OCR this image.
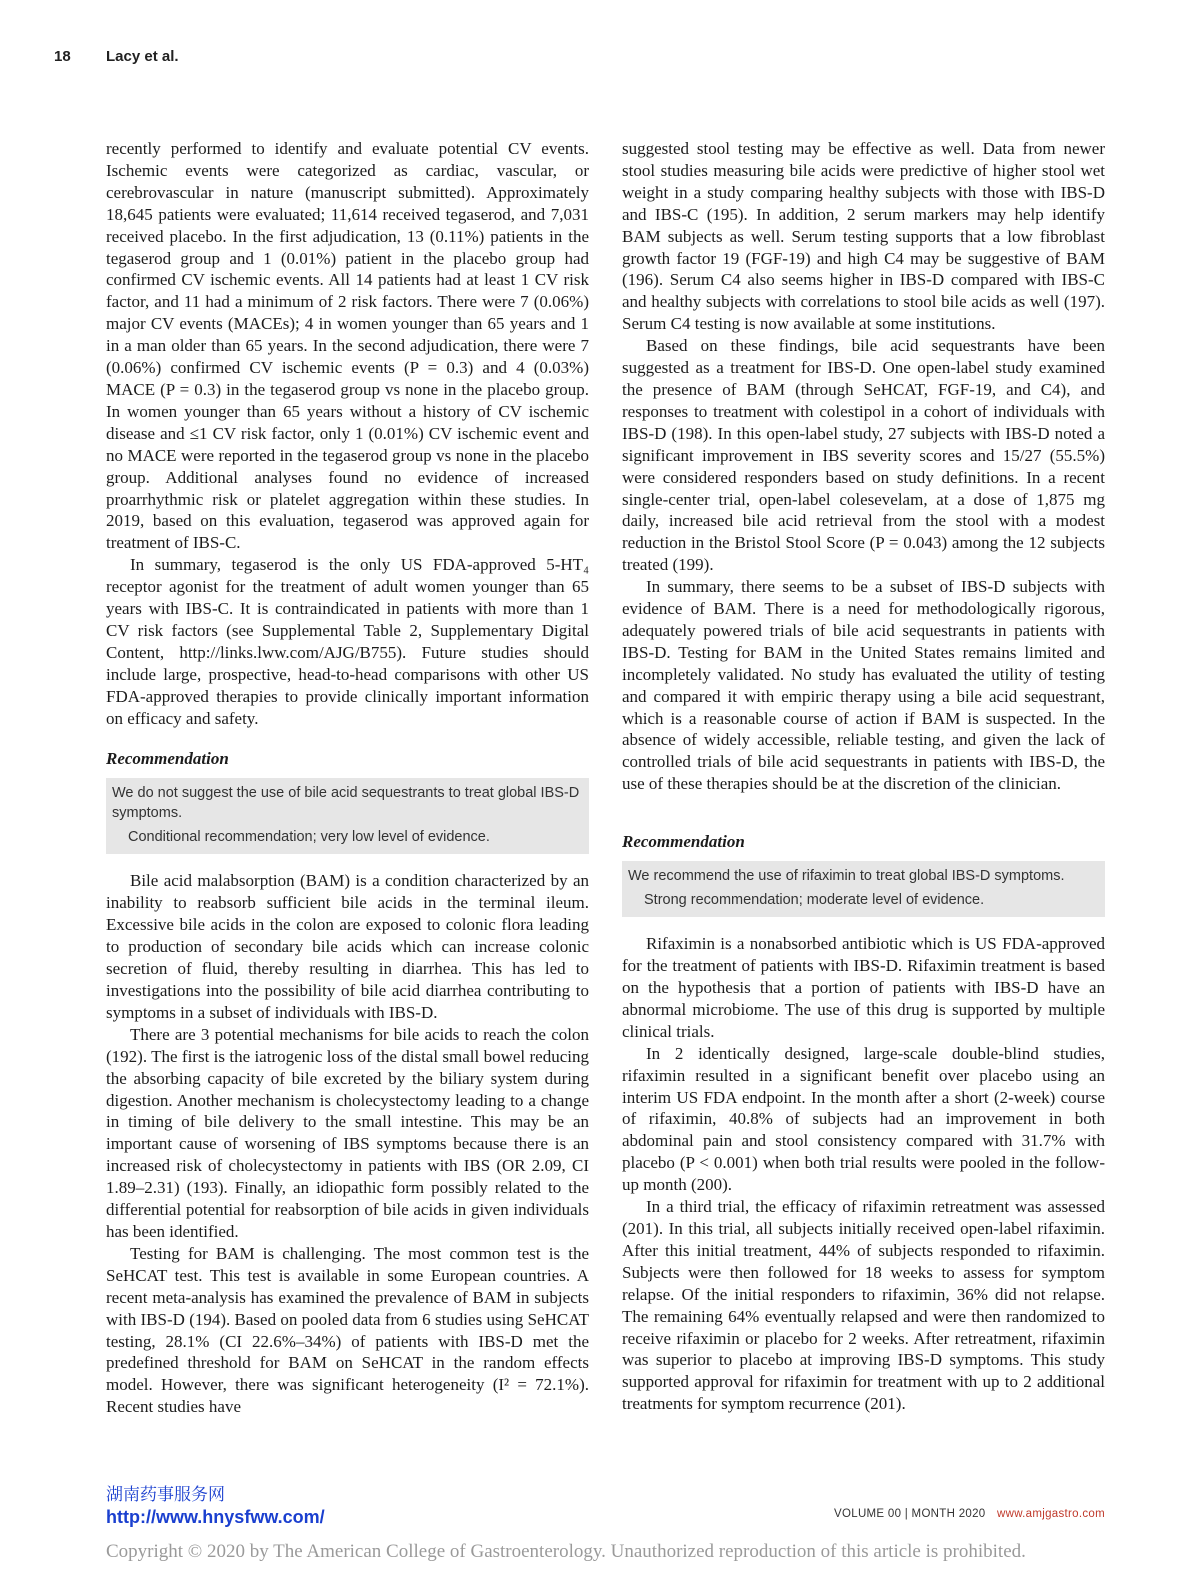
18 Lacy et al.

recently performed to identify and evaluate potential CV events. Ischemic events were categorized as cardiac, vascular, or cerebrovascular in nature (manuscript submitted). Approximately 18,645 patients were evaluated; 11,614 received tegaserod, and 7,031 received placebo. In the first adjudication, 13 (0.11%) patients in the tegaserod group and 1 (0.01%) patient in the placebo group had confirmed CV ischemic events. All 14 patients had at least 1 CV risk factor, and 11 had a minimum of 2 risk factors. There were 7 (0.06%) major CV events (MACEs); 4 in women younger than 65 years and 1 in a man older than 65 years. In the second adjudication, there were 7 (0.06%) confirmed CV ischemic events (P = 0.3) and 4 (0.03%) MACE (P = 0.3) in the tegaserod group vs none in the placebo group. In women younger than 65 years without a history of CV ischemic disease and ≤1 CV risk factor, only 1 (0.01%) CV ischemic event and no MACE were reported in the tegaserod group vs none in the placebo group. Additional analyses found no evidence of increased proarrhythmic risk or platelet aggregation within these studies. In 2019, based on this evaluation, tegaserod was approved again for treatment of IBS-C.

In summary, tegaserod is the only US FDA-approved 5-HT₄ receptor agonist for the treatment of adult women younger than 65 years with IBS-C. It is contraindicated in patients with more than 1 CV risk factors (see Supplemental Table 2, Supplementary Digital Content, http://links.lww.com/AJG/B755). Future studies should include large, prospective, head-to-head comparisons with other US FDA-approved therapies to provide clinically important information on efficacy and safety.

Recommendation

We do not suggest the use of bile acid sequestrants to treat global IBS-D symptoms.

Conditional recommendation; very low level of evidence.

Bile acid malabsorption (BAM) is a condition characterized by an inability to reabsorb sufficient bile acids in the terminal ileum. Excessive bile acids in the colon are exposed to colonic flora leading to production of secondary bile acids which can increase colonic secretion of fluid, thereby resulting in diarrhea. This has led to investigations into the possibility of bile acid diarrhea contributing to symptoms in a subset of individuals with IBS-D.

There are 3 potential mechanisms for bile acids to reach the colon (192). The first is the iatrogenic loss of the distal small bowel reducing the absorbing capacity of bile excreted by the biliary system during digestion. Another mechanism is cholecystectomy leading to a change in timing of bile delivery to the small intestine. This may be an important cause of worsening of IBS symptoms because there is an increased risk of cholecystectomy in patients with IBS (OR 2.09, CI 1.89–2.31) (193). Finally, an idiopathic form possibly related to the differential potential for reabsorption of bile acids in given individuals has been identified.

Testing for BAM is challenging. The most common test is the SeHCAT test. This test is available in some European countries. A recent meta-analysis has examined the prevalence of BAM in subjects with IBS-D (194). Based on pooled data from 6 studies using SeHCAT testing, 28.1% (CI 22.6%–34%) of patients with IBS-D met the predefined threshold for BAM on SeHCAT in the random effects model. However, there was significant heterogeneity (I² = 72.1%). Recent studies have

suggested stool testing may be effective as well. Data from newer stool studies measuring bile acids were predictive of higher stool wet weight in a study comparing healthy subjects with those with IBS-D and IBS-C (195). In addition, 2 serum markers may help identify BAM subjects as well. Serum testing supports that a low fibroblast growth factor 19 (FGF-19) and high C4 may be suggestive of BAM (196). Serum C4 also seems higher in IBS-D compared with IBS-C and healthy subjects with correlations to stool bile acids as well (197). Serum C4 testing is now available at some institutions.

Based on these findings, bile acid sequestrants have been suggested as a treatment for IBS-D. One open-label study examined the presence of BAM (through SeHCAT, FGF-19, and C4), and responses to treatment with colestipol in a cohort of individuals with IBS-D (198). In this open-label study, 27 subjects with IBS-D noted a significant improvement in IBS severity scores and 15/27 (55.5%) were considered responders based on study definitions. In a recent single-center trial, open-label colesevelam, at a dose of 1,875 mg daily, increased bile acid retrieval from the stool with a modest reduction in the Bristol Stool Score (P = 0.043) among the 12 subjects treated (199).

In summary, there seems to be a subset of IBS-D subjects with evidence of BAM. There is a need for methodologically rigorous, adequately powered trials of bile acid sequestrants in patients with IBS-D. Testing for BAM in the United States remains limited and incompletely validated. No study has evaluated the utility of testing and compared it with empiric therapy using a bile acid sequestrant, which is a reasonable course of action if BAM is suspected. In the absence of widely accessible, reliable testing, and given the lack of controlled trials of bile acid sequestrants in patients with IBS-D, the use of these therapies should be at the discretion of the clinician.

Recommendation

We recommend the use of rifaximin to treat global IBS-D symptoms.

Strong recommendation; moderate level of evidence.

Rifaximin is a nonabsorbed antibiotic which is US FDA-approved for the treatment of patients with IBS-D. Rifaximin treatment is based on the hypothesis that a portion of patients with IBS-D have an abnormal microbiome. The use of this drug is supported by multiple clinical trials.

In 2 identically designed, large-scale double-blind studies, rifaximin resulted in a significant benefit over placebo using an interim US FDA endpoint. In the month after a short (2-week) course of rifaximin, 40.8% of subjects had an improvement in both abdominal pain and stool consistency compared with 31.7% with placebo (P < 0.001) when both trial results were pooled in the follow-up month (200).

In a third trial, the efficacy of rifaximin retreatment was assessed (201). In this trial, all subjects initially received open-label rifaximin. After this initial treatment, 44% of subjects responded to rifaximin. Subjects were then followed for 18 weeks to assess for symptom relapse. Of the initial responders to rifaximin, 36% did not relapse. The remaining 64% eventually relapsed and were then randomized to receive rifaximin or placebo for 2 weeks. After retreatment, rifaximin was superior to placebo at improving IBS-D symptoms. This study supported approval for rifaximin for treatment with up to 2 additional treatments for symptom recurrence (201).

湖南药事服务网
http://www.hnysfww.com/	VOLUME 00 | MONTH 2020 www.amjgastro.com
Copyright © 2020 by The American College of Gastroenterology. Unauthorized reproduction of this article is prohibited.
